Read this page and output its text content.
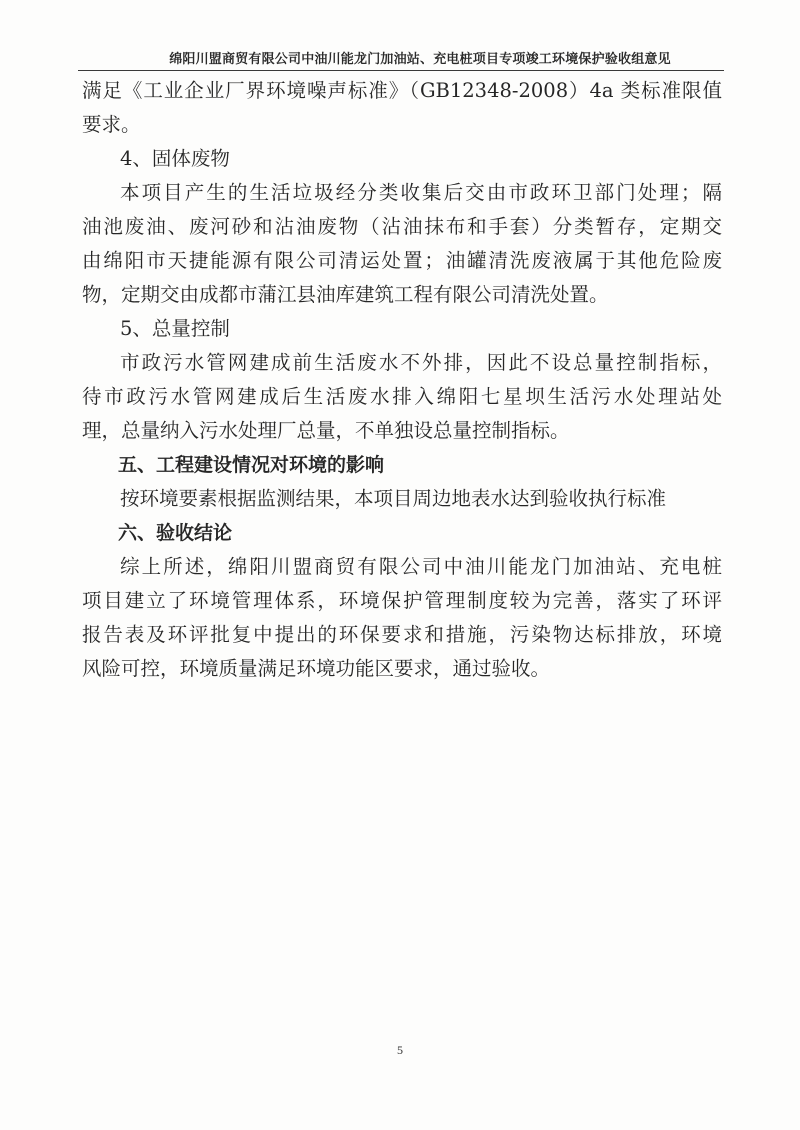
绵阳川盟商贸有限公司中油川能龙门加油站、充电桩项目专项竣工环境保护验收组意见
满足《工业企业厂界环境噪声标准》（GB12348-2008）4a 类标准限值
要求。
4、固体废物
本项目产生的生活垃圾经分类收集后交由市政环卫部门处理；隔
油池废油、废河砂和沾油废物（沾油抹布和手套）分类暂存，定期交
由绵阳市天捷能源有限公司清运处置；油罐清洗废液属于其他危险废
物，定期交由成都市蒲江县油库建筑工程有限公司清洗处置。
5、总量控制
市政污水管网建成前生活废水不外排，因此不设总量控制指标，
待市政污水管网建成后生活废水排入绵阳七星坝生活污水处理站处
理，总量纳入污水处理厂总量，不单独设总量控制指标。
五、工程建设情况对环境的影响
按环境要素根据监测结果，本项目周边地表水达到验收执行标准
六、验收结论
综上所述，绵阳川盟商贸有限公司中油川能龙门加油站、充电桩
项目建立了环境管理体系，环境保护管理制度较为完善，落实了环评
报告表及环评批复中提出的环保要求和措施，污染物达标排放，环境
风险可控，环境质量满足环境功能区要求，通过验收。
5
